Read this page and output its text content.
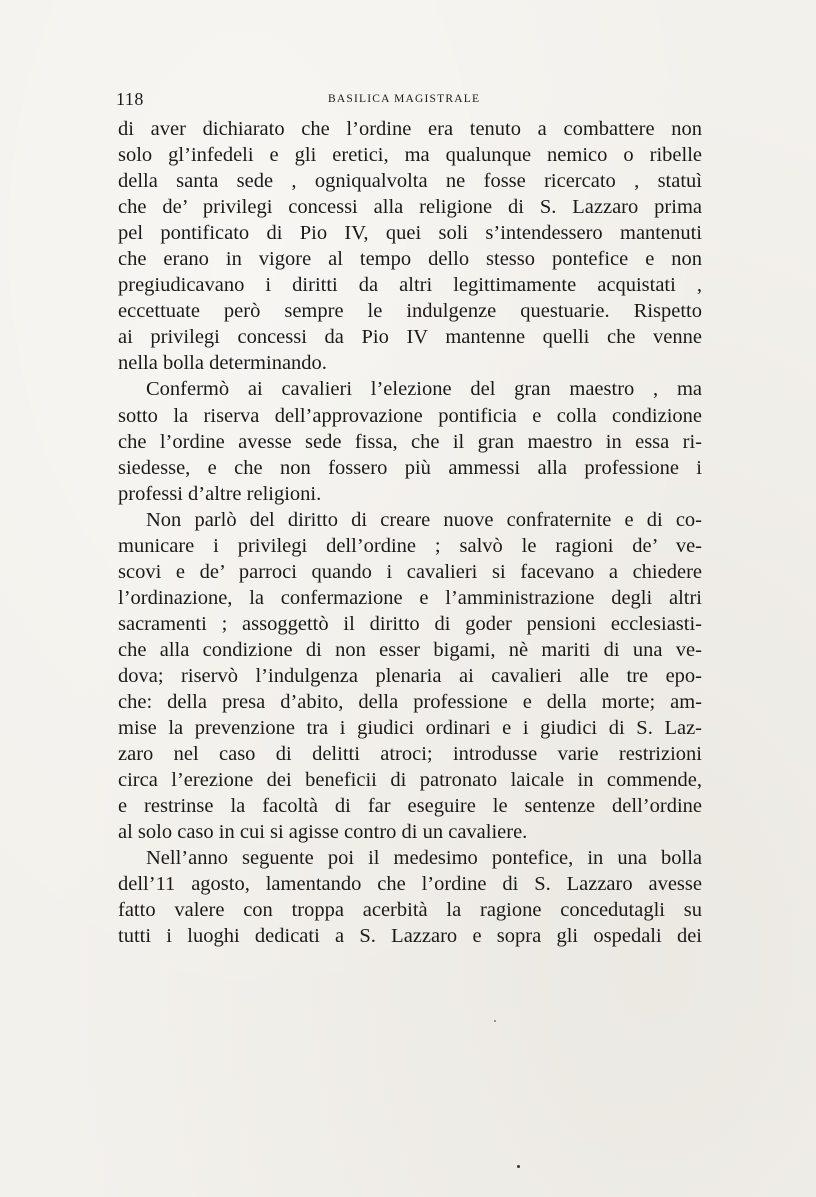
118	BASILICA MAGISTRALE
di aver dichiarato che l’ordine era tenuto a combattere non
solo gl’infedeli e gli eretici, ma qualunque nemico o ribelle
della santa sede , ogniqualvolta ne fosse ricercato , statuì
che de’ privilegi concessi alla religione di S. Lazzaro prima
pel pontificato di Pio IV, quei soli s’intendessero mantenuti
che erano in vigore al tempo dello stesso pontefice e non
pregiudicavano i diritti da altri legittimamente acquistati ,
eccettuate però sempre le indulgenze questuarie. Rispetto
ai privilegi concessi da Pio IV mantenne quelli che venne
nella bolla determinando.
Confermò ai cavalieri l’elezione del gran maestro , ma
sotto la riserva dell’approvazione pontificia e colla condizione
che l’ordine avesse sede fissa, che il gran maestro in essa ri-
siedesse, e che non fossero più ammessi alla professione i
professi d’altre religioni.
Non parlò del diritto di creare nuove confraternite e di co-
municare i privilegi dell’ordine ; salvò le ragioni de’ ve-
scovi e de’ parroci quando i cavalieri si facevano a chiedere
l’ordinazione, la confermazione e l’amministrazione degli altri
sacramenti ; assoggettò il diritto di goder pensioni ecclesiasti-
che alla condizione di non esser bigami, nè mariti di una ve-
dova; riservò l’indulgenza plenaria ai cavalieri alle tre epo-
che: della presa d’abito, della professione e della morte; am-
mise la prevenzione tra i giudici ordinari e i giudici di S. Laz-
zaro nel caso di delitti atroci; introdusse varie restrizioni
circa l’erezione dei beneficii di patronato laicale in commende,
e restrinse la facoltà di far eseguire le sentenze dell’ordine
al solo caso in cui si agisse contro di un cavaliere.
Nell’anno seguente poi il medesimo pontefice, in una bolla
dell’11 agosto, lamentando che l’ordine di S. Lazzaro avesse
fatto valere con troppa acerbità la ragione concedutagli su
tutti i luoghi dedicati a S. Lazzaro e sopra gli ospedali dei
